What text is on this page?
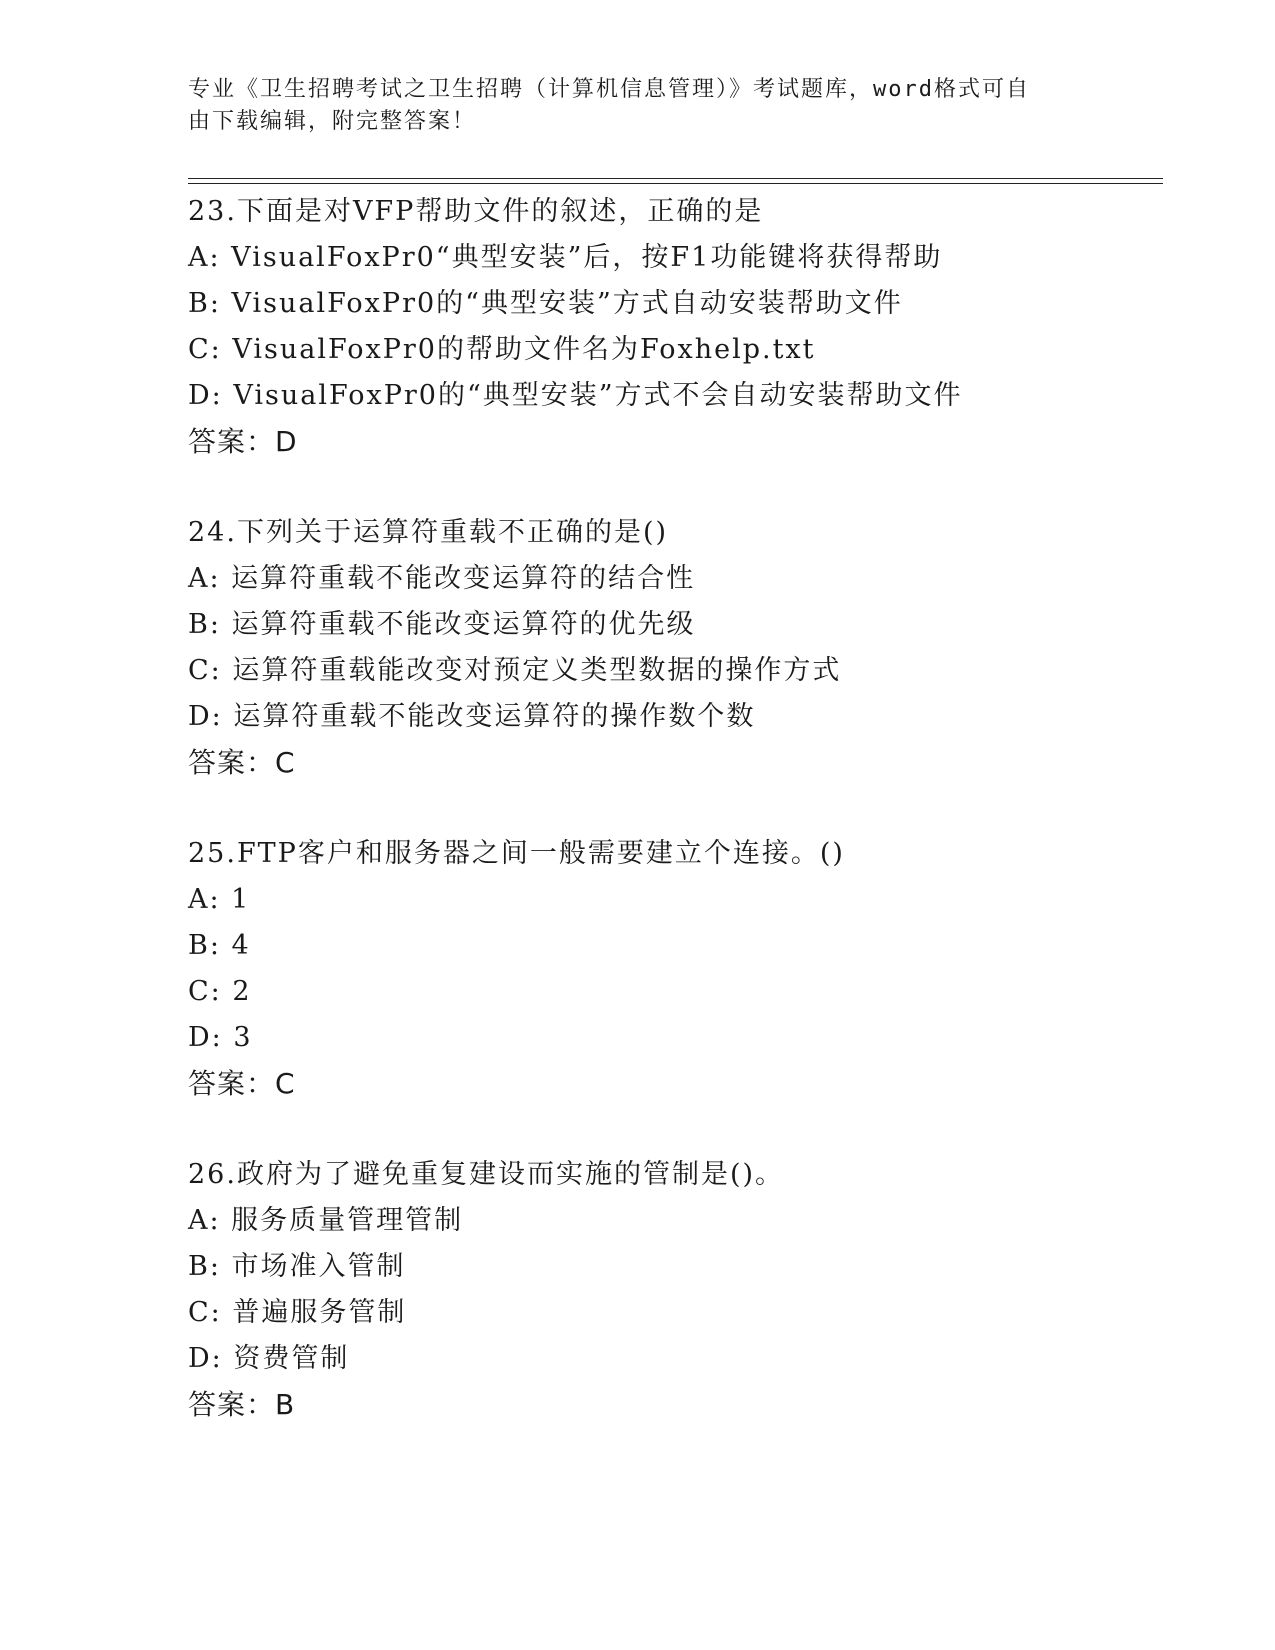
专业《卫生招聘考试之卫生招聘（计算机信息管理）》考试题库，word格式可自
由下载编辑，附完整答案！
23.下面是对VFP帮助文件的叙述，正确的是
A: VisualFoxPr0“典型安装”后，按F1功能键将获得帮助
B: VisualFoxPr0的“典型安装”方式自动安装帮助文件
C: VisualFoxPr0的帮助文件名为Foxhelp.txt
D: VisualFoxPr0的“典型安装”方式不会自动安装帮助文件
答案：D
24.下列关于运算符重载不正确的是()
A: 运算符重载不能改变运算符的结合性
B: 运算符重载不能改变运算符的优先级
C: 运算符重载能改变对预定义类型数据的操作方式
D: 运算符重载不能改变运算符的操作数个数
答案：C
25.FTP客户和服务器之间一般需要建立个连接。()
A: 1
B: 4
C: 2
D: 3
答案：C
26.政府为了避免重复建设而实施的管制是()。
A: 服务质量管理管制
B: 市场准入管制
C: 普遍服务管制
D: 资费管制
答案：B
